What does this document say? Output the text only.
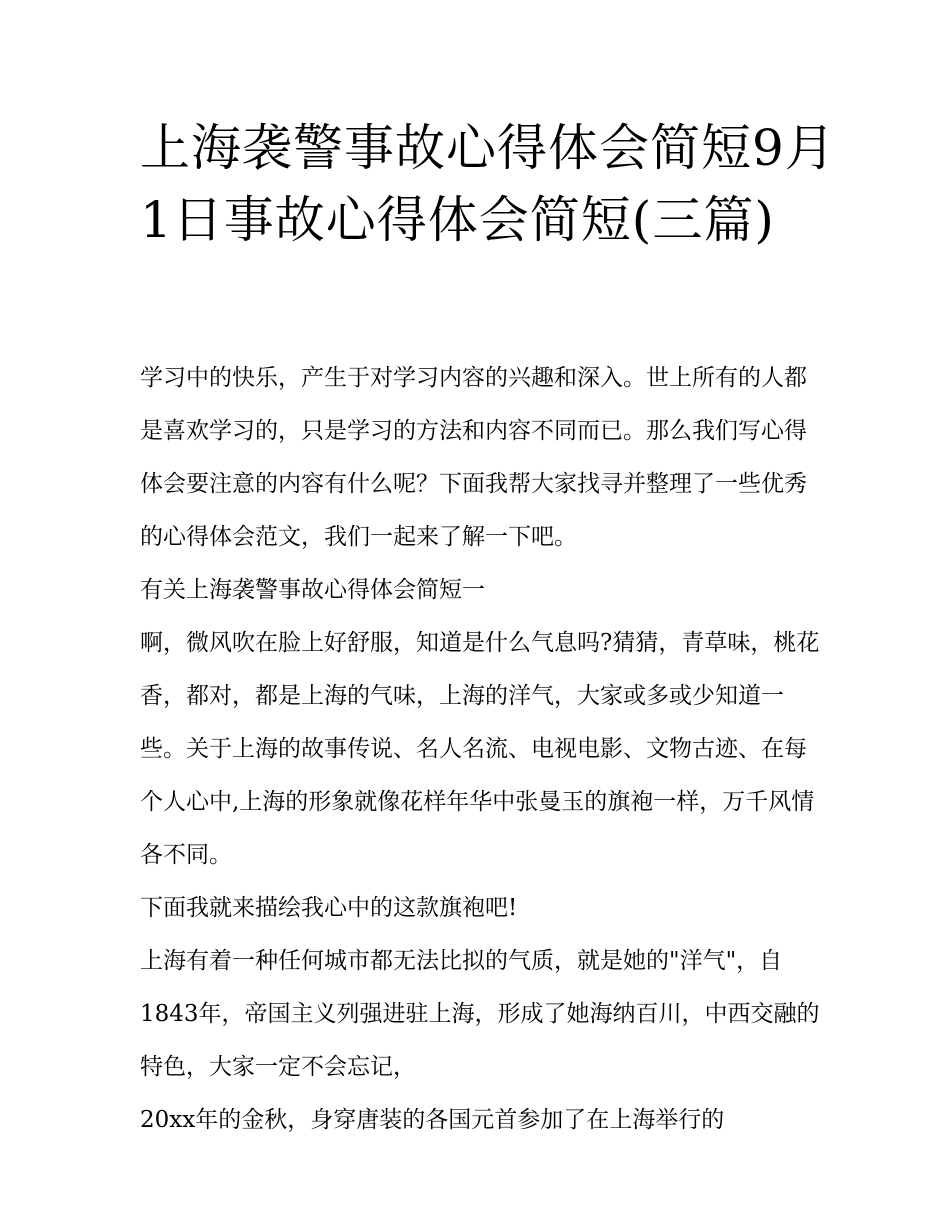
上海袭警事故心得体会简短9月1日事故心得体会简短(三篇)

学习中的快乐，产生于对学习内容的兴趣和深入。世上所有的人都是喜欢学习的，只是学习的方法和内容不同而已。那么我们写心得体会要注意的内容有什么呢？下面我帮大家找寻并整理了一些优秀的心得体会范文，我们一起来了解一下吧。

有关上海袭警事故心得体会简短一

啊，微风吹在脸上好舒服，知道是什么气息吗?猜猜，青草味，桃花香，都对，都是上海的气味，上海的洋气，大家或多或少知道一些。关于上海的故事传说、名人名流、电视电影、文物古迹、在每个人心中,上海的形象就像花样年华中张曼玉的旗袍一样，万千风情各不同。

下面我就来描绘我心中的这款旗袍吧!

上海有着一种任何城市都无法比拟的气质，就是她的"洋气"，自1843年，帝国主义列强进驻上海，形成了她海纳百川，中西交融的特色，大家一定不会忘记，

20xx年的金秋，身穿唐装的各国元首参加了在上海举行的
